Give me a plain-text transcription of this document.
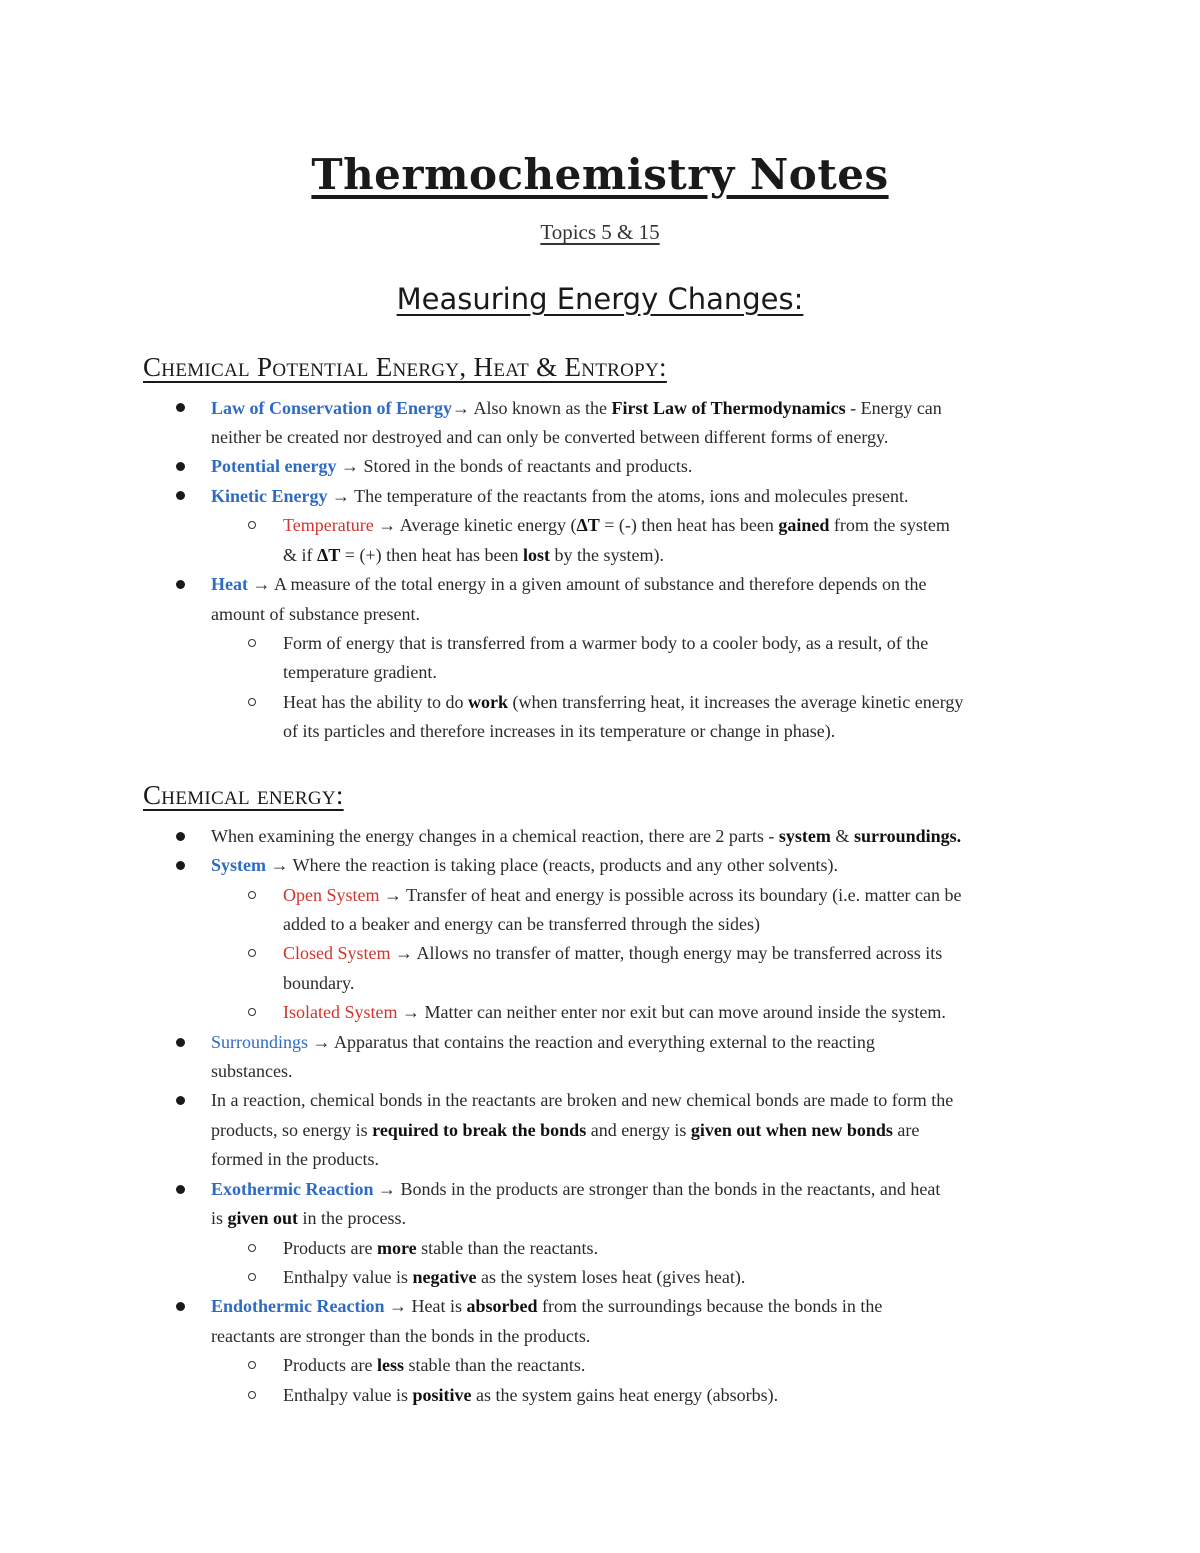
Thermochemistry Notes
Topics 5 & 15
Measuring Energy Changes:
Chemical Potential Energy, Heat & Entropy:
Law of Conservation of Energy→ Also known as the First Law of Thermodynamics - Energy can
neither be created nor destroyed and can only be converted between different forms of energy.
Potential energy → Stored in the bonds of reactants and products.
Kinetic Energy → The temperature of the reactants from the atoms, ions and molecules present.
Temperature → Average kinetic energy (ΔT = (-) then heat has been gained from the system
& if ΔT = (+) then heat has been lost by the system).
Heat → A measure of the total energy in a given amount of substance and therefore depends on the
amount of substance present.
Form of energy that is transferred from a warmer body to a cooler body, as a result, of the
temperature gradient.
Heat has the ability to do work (when transferring heat, it increases the average kinetic energy
of its particles and therefore increases in its temperature or change in phase).
Chemical energy:
When examining the energy changes in a chemical reaction, there are 2 parts - system & surroundings.
System → Where the reaction is taking place (reacts, products and any other solvents).
Open System → Transfer of heat and energy is possible across its boundary (i.e. matter can be
added to a beaker and energy can be transferred through the sides)
Closed System → Allows no transfer of matter, though energy may be transferred across its
boundary.
Isolated System → Matter can neither enter nor exit but can move around inside the system.
Surroundings → Apparatus that contains the reaction and everything external to the reacting
substances.
In a reaction, chemical bonds in the reactants are broken and new chemical bonds are made to form the
products, so energy is required to break the bonds and energy is given out when new bonds are
formed in the products.
Exothermic Reaction → Bonds in the products are stronger than the bonds in the reactants, and heat
is given out in the process.
Products are more stable than the reactants.
Enthalpy value is negative as the system loses heat (gives heat).
Endothermic Reaction → Heat is absorbed from the surroundings because the bonds in the
reactants are stronger than the bonds in the products.
Products are less stable than the reactants.
Enthalpy value is positive as the system gains heat energy (absorbs).
